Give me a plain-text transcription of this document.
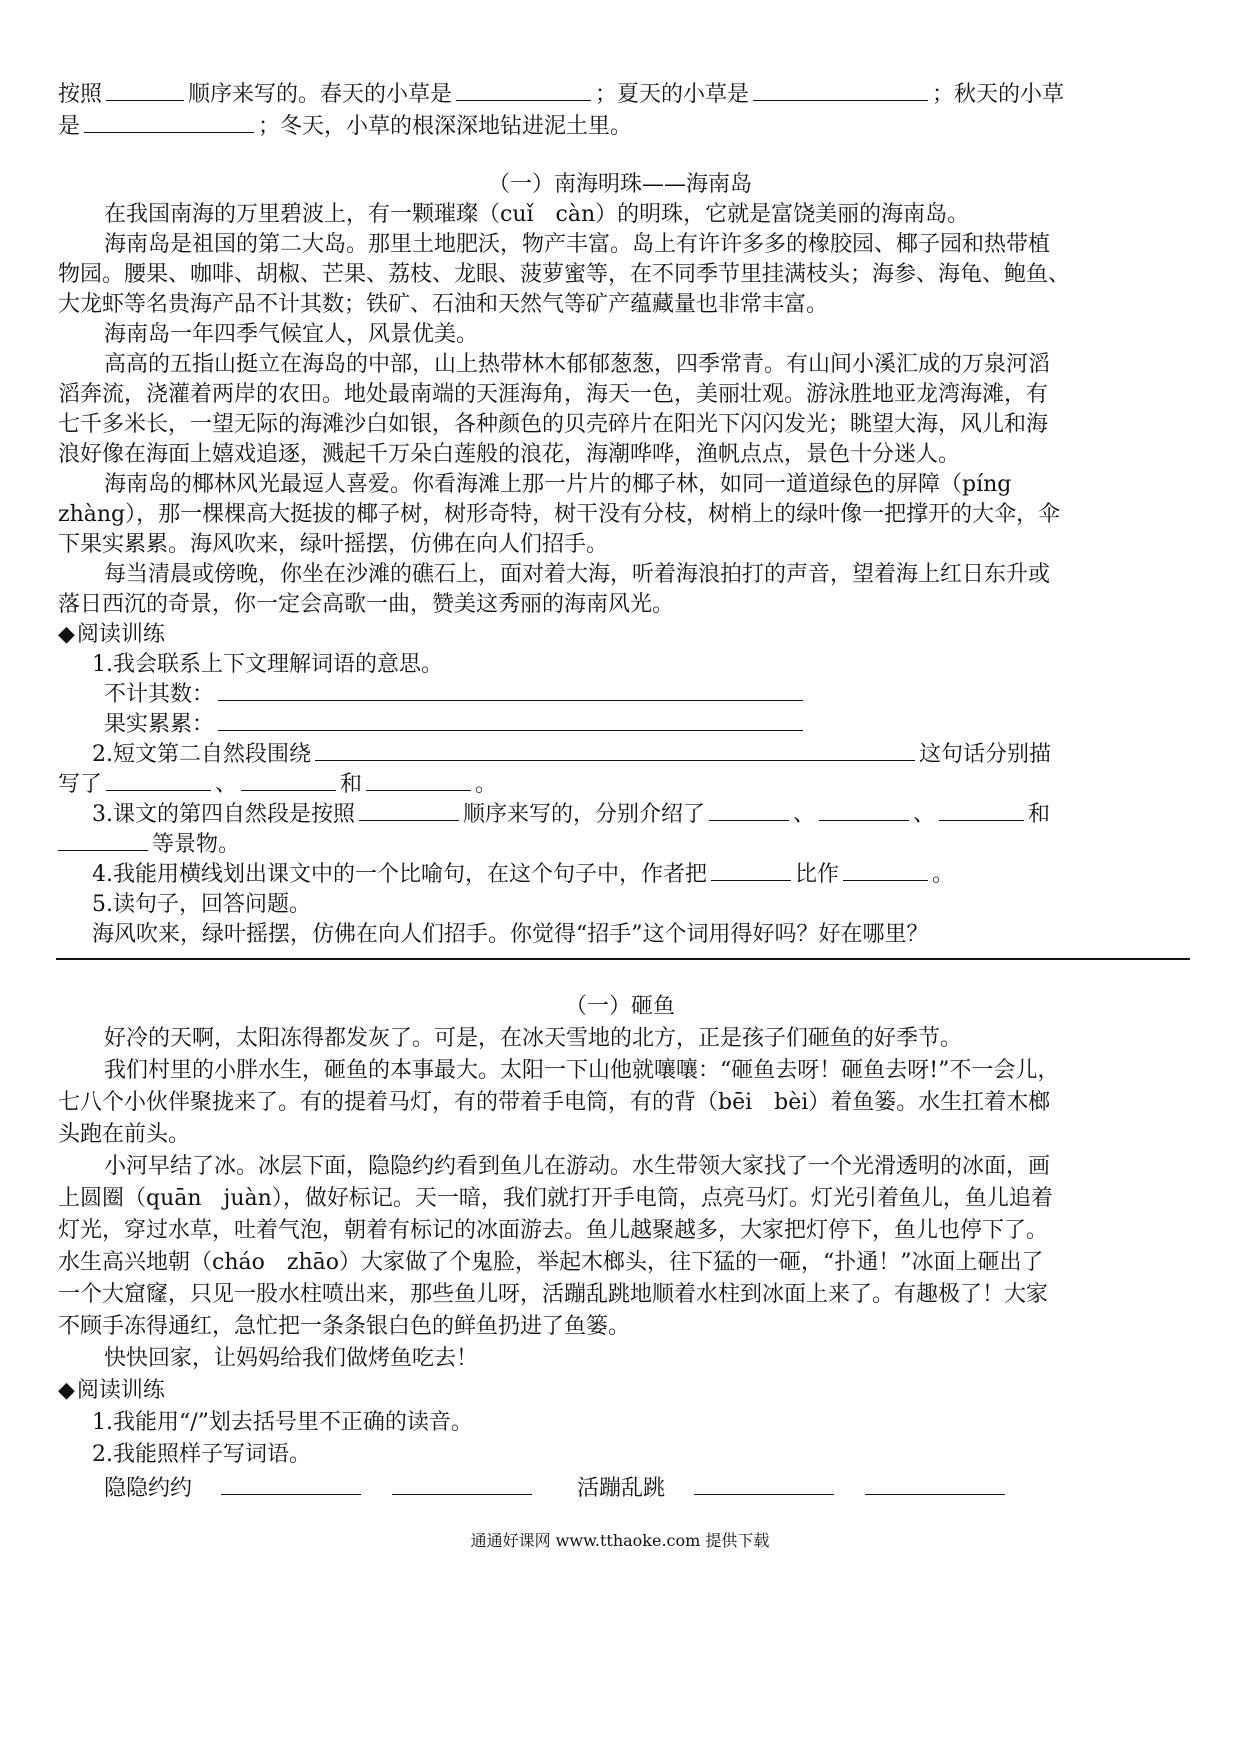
按照	顺序来写的。春天的小草是	；夏天的小草是	；秋天的小草
是	；冬天，小草的根深深地钻进泥土里。
（一）南海明珠——海南岛
在我国南海的万里碧波上，有一颗璀璨（cuǐ　càn）的明珠，它就是富饶美丽的海南岛。
海南岛是祖国的第二大岛。那里土地肥沃，物产丰富。岛上有许许多多的橡胶园、椰子园和热带植
物园。腰果、咖啡、胡椒、芒果、荔枝、龙眼、菠萝蜜等，在不同季节里挂满枝头；海参、海龟、鲍鱼、
大龙虾等名贵海产品不计其数；铁矿、石油和天然气等矿产蕴藏量也非常丰富。
海南岛一年四季气候宜人，风景优美。
高高的五指山挺立在海岛的中部，山上热带林木郁郁葱葱，四季常青。有山间小溪汇成的万泉河滔
滔奔流，浇灌着两岸的农田。地处最南端的天涯海角，海天一色，美丽壮观。游泳胜地亚龙湾海滩，有
七千多米长，一望无际的海滩沙白如银，各种颜色的贝壳碎片在阳光下闪闪发光；眺望大海，风儿和海
浪好像在海面上嬉戏追逐，溅起千万朵白莲般的浪花，海潮哗哗，渔帆点点，景色十分迷人。
海南岛的椰林风光最逗人喜爱。你看海滩上那一片片的椰子林，如同一道道绿色的屏障（píng
zhàng），那一棵棵高大挺拔的椰子树，树形奇特，树干没有分枝，树梢上的绿叶像一把撑开的大伞，伞
下果实累累。海风吹来，绿叶摇摆，仿佛在向人们招手。
每当清晨或傍晚，你坐在沙滩的礁石上，面对着大海，听着海浪拍打的声音，望着海上红日东升或
落日西沉的奇景，你一定会高歌一曲，赞美这秀丽的海南风光。
◆阅读训练
1.我会联系上下文理解词语的意思。
不计其数：
果实累累：
2.短文第二自然段围绕	这句话分别描
写了	、	和	。
3.课文的第四自然段是按照	顺序来写的，分别介绍了	、	、	和
等景物。
4.我能用横线划出课文中的一个比喻句，在这个句子中，作者把	比作	。
5.读句子，回答问题。
海风吹来，绿叶摇摆，仿佛在向人们招手。你觉得“招手”这个词用得好吗？好在哪里？
（一）砸鱼
好冷的天啊，太阳冻得都发灰了。可是，在冰天雪地的北方，正是孩子们砸鱼的好季节。
我们村里的小胖水生，砸鱼的本事最大。太阳一下山他就嚷嚷：“砸鱼去呀！砸鱼去呀!”不一会儿，
七八个小伙伴聚拢来了。有的提着马灯，有的带着手电筒，有的背（bēi　bèi）着鱼篓。水生扛着木榔
头跑在前头。
小河早结了冰。冰层下面，隐隐约约看到鱼儿在游动。水生带领大家找了一个光滑透明的冰面，画
上圆圈（quān　juàn），做好标记。天一暗，我们就打开手电筒，点亮马灯。灯光引着鱼儿，鱼儿追着
灯光，穿过水草，吐着气泡，朝着有标记的冰面游去。鱼儿越聚越多，大家把灯停下，鱼儿也停下了。
水生高兴地朝（cháo　zhāo）大家做了个鬼脸，举起木榔头，往下猛的一砸，“扑通！”冰面上砸出了
一个大窟窿，只见一股水柱喷出来，那些鱼儿呀，活蹦乱跳地顺着水柱到冰面上来了。有趣极了！大家
不顾手冻得通红，急忙把一条条银白色的鲜鱼扔进了鱼篓。
快快回家，让妈妈给我们做烤鱼吃去！
◆阅读训练
1.我能用“/”划去括号里不正确的读音。
2.我能照样子写词语。
隐隐约约	活蹦乱跳
通通好课网 www.tthaoke.com 提供下载
